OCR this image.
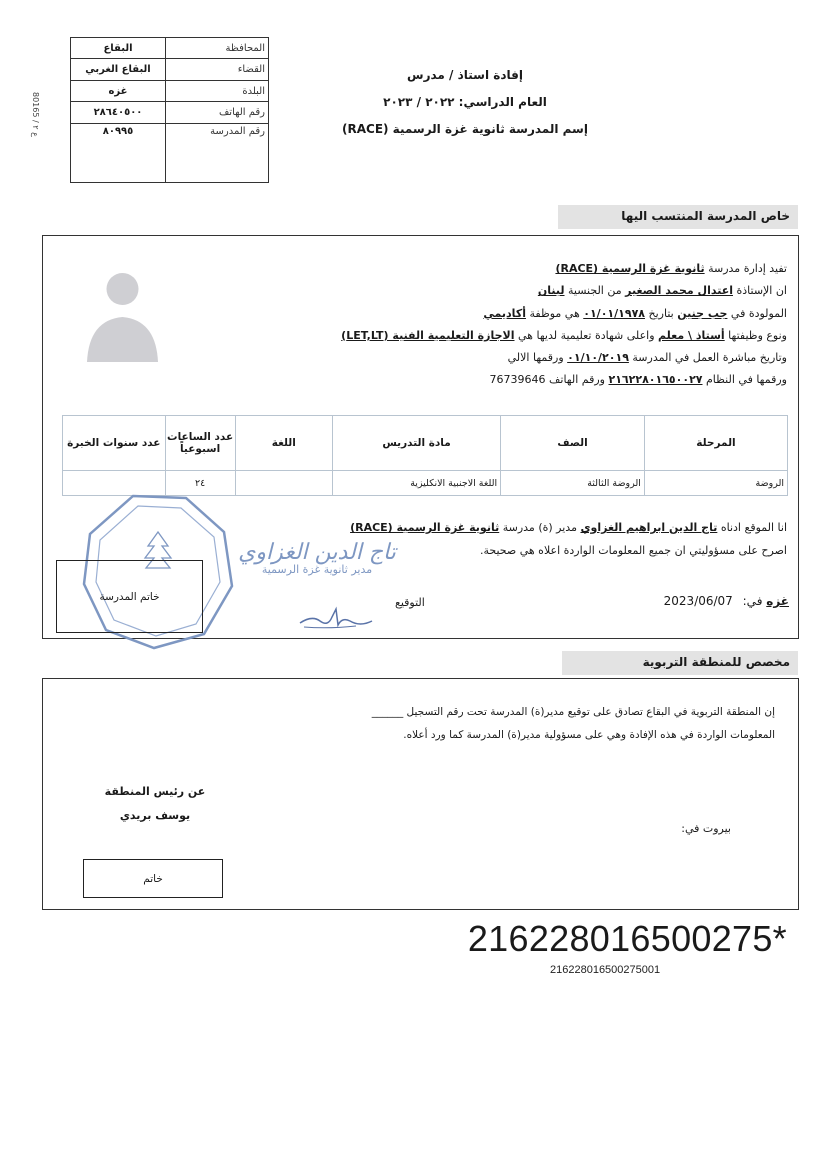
80165 / ع ٢
المحافظة	البقاع
القضاء	البقاع الغربي
البلدة	غزه
رقم الهاتف	٢٨٦٤٠٥٠٠
رقم المدرسة	٨٠٩٩٥
إفادة استاذ / مدرس
العام الدراسي: ٢٠٢٢ / ٢٠٢٣
إسم المدرسة ثانوية غزة الرسمية (RACE)
خاص المدرسة المنتسب اليها
تفيد إدارة مدرسة ثانوية غزة الرسمية (RACE)
ان الإستاذة اعتدال محمد الصغير من الجنسية لبنان
المولودة في جب جنين بتاريخ ٠١/٠١/١٩٧٨ هي موظفة أكاديمي
ونوع وظيفتها أستاذ \ معلم واعلى شهادة تعليمية لديها هي الاجازة التعليمية الفنية (LET,LT)
وتاريخ مباشرة العمل في المدرسة ٠١/١٠/٢٠١٩ ورقمها الالي
ورقمها في النظام ٢١٦٢٢٨٠١٦٥٠٠٢٧ ورقم الهاتف 76739646
المرحلة	الصف	مادة التدريس	اللغة	عدد الساعات اسبوعياً	عدد سنوات الخبرة
الروضة	الروضة الثالثة	اللغة الاجنبية الانكليزية		٢٤	
انا الموقع ادناه تاج الدين ابراهيم الغزاوي مدير (ة) مدرسة ثانوية غزة الرسمية (RACE)
اصرح على مسؤوليتي ان جميع المعلومات الواردة اعلاه هي صحيحة.
غزه في: 2023/06/07
التوقيع
تاج الدين الغزاوي
مدير ثانوية غزة الرسمية
خاتم المدرسة
مخصص للمنطقة التربوية
إن المنطقة التربوية في البقاع تصادق على توقيع مدير(ة) المدرسة تحت رقم التسجيل ______
المعلومات الواردة في هذه الإفادة وهي على مسؤولية مدير(ة) المدرسة كما ورد أعلاه.
عن رئيس المنطقة
يوسف بريدي
بيروت في:
خاتم
216228016500275*
216228016500275001
